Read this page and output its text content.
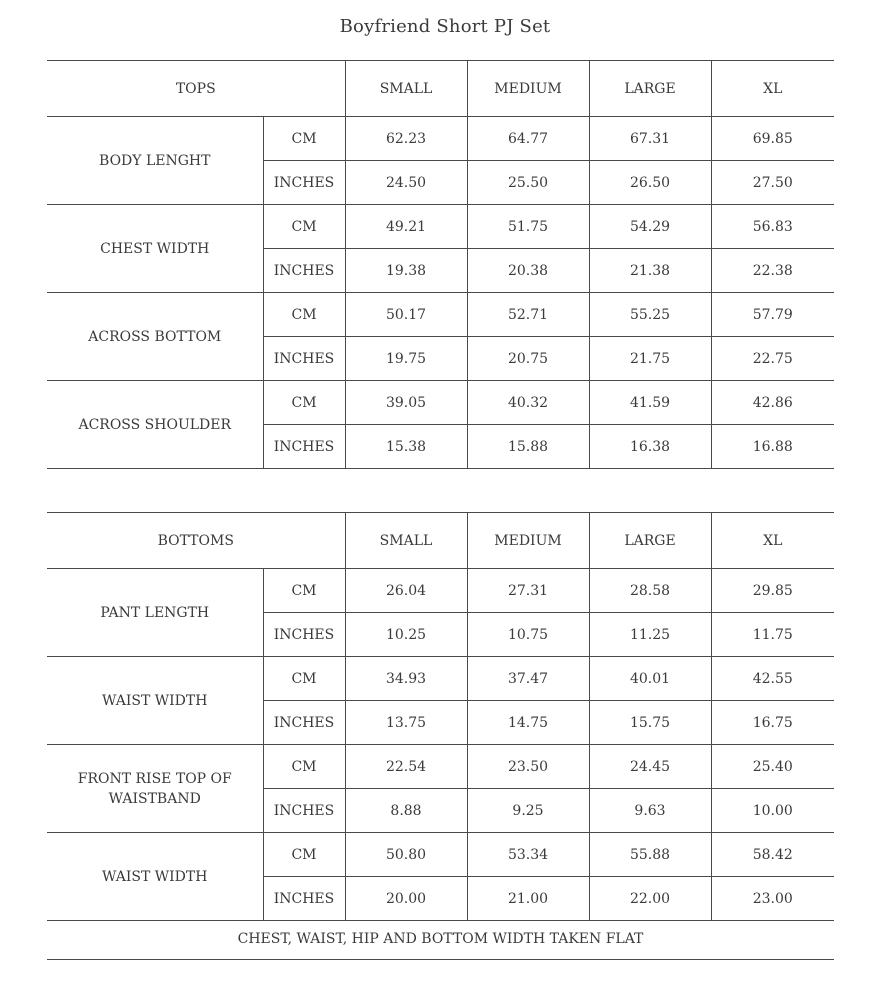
Boyfriend Short PJ Set
TOPS		SMALL	MEDIUM	LARGE	XL
BODY LENGHT	CM	62.23	64.77	67.31	69.85
	INCHES	24.50	25.50	26.50	27.50
CHEST WIDTH	CM	49.21	51.75	54.29	56.83
	INCHES	19.38	20.38	21.38	22.38
ACROSS BOTTOM	CM	50.17	52.71	55.25	57.79
	INCHES	19.75	20.75	21.75	22.75
ACROSS SHOULDER	CM	39.05	40.32	41.59	42.86
	INCHES	15.38	15.88	16.38	16.88
BOTTOMS		SMALL	MEDIUM	LARGE	XL
PANT LENGTH	CM	26.04	27.31	28.58	29.85
	INCHES	10.25	10.75	11.25	11.75
WAIST WIDTH	CM	34.93	37.47	40.01	42.55
	INCHES	13.75	14.75	15.75	16.75
FRONT RISE TOP OF WAISTBAND	CM	22.54	23.50	24.45	25.40
	INCHES	8.88	9.25	9.63	10.00
WAIST WIDTH	CM	50.80	53.34	55.88	58.42
	INCHES	20.00	21.00	22.00	23.00
CHEST, WAIST, HIP AND BOTTOM WIDTH TAKEN FLAT
